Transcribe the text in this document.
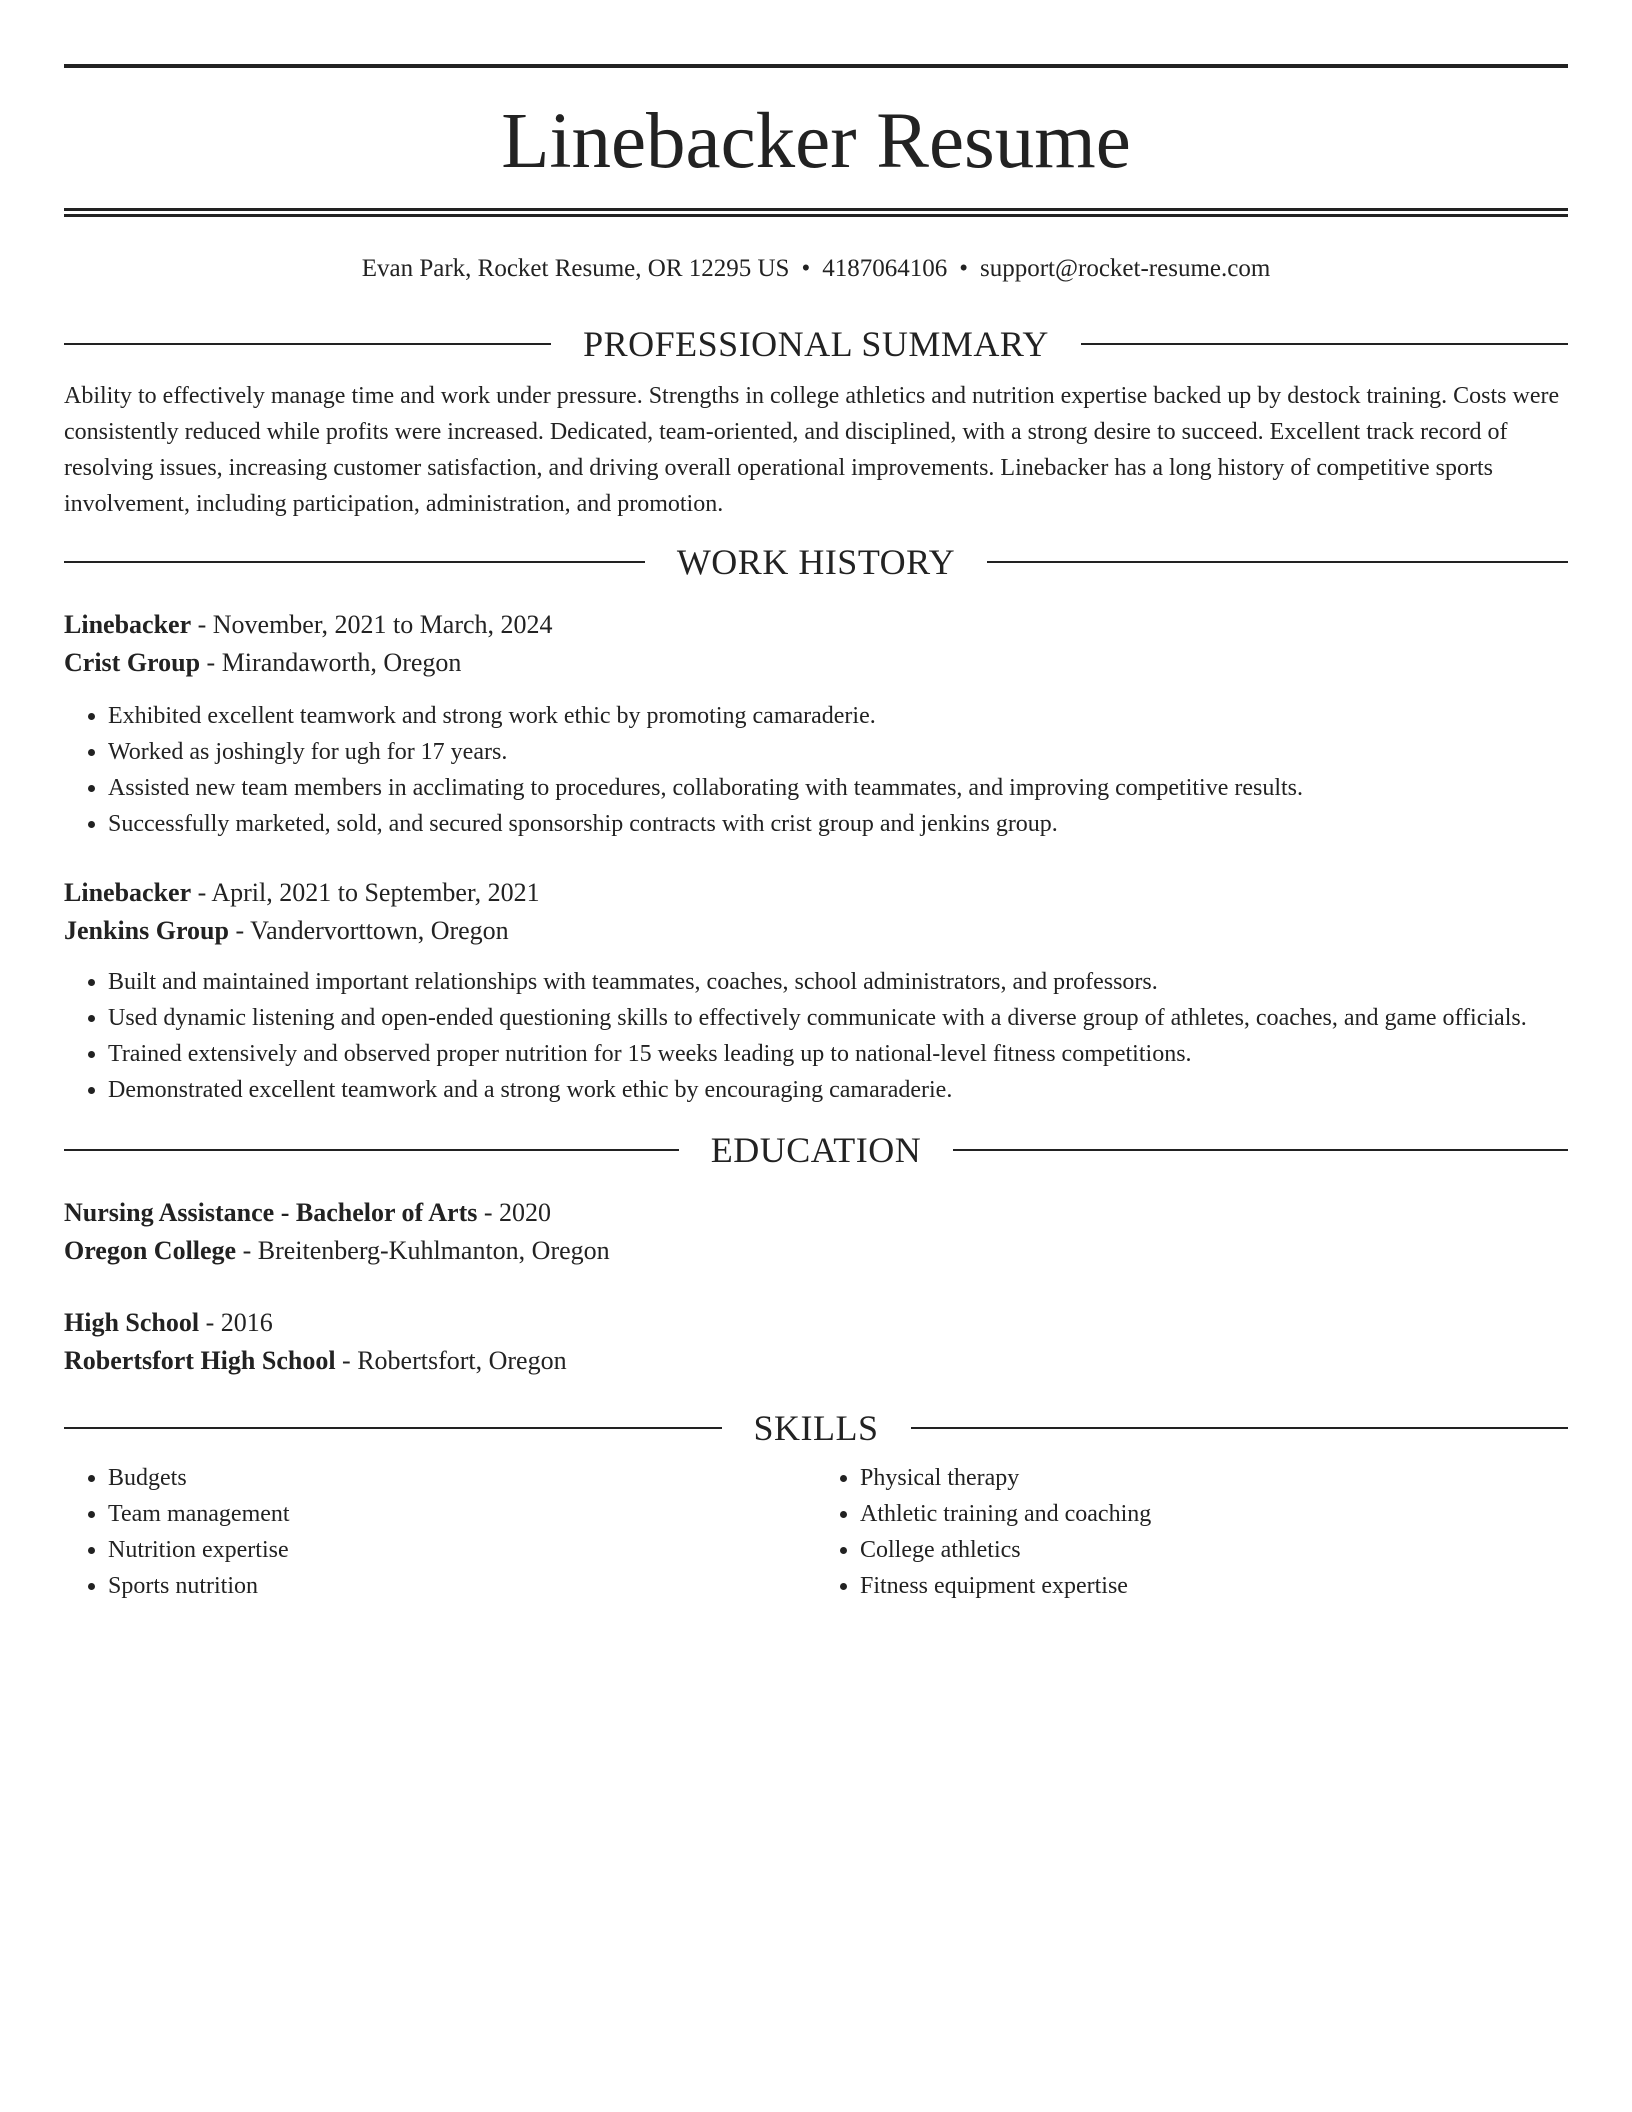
Linebacker Resume
Evan Park, Rocket Resume, OR 12295 US • 4187064106 • support@rocket-resume.com
PROFESSIONAL SUMMARY

Ability to effectively manage time and work under pressure. Strengths in college athletics and nutrition expertise backed up by destock training. Costs were consistently reduced while profits were increased. Dedicated, team-oriented, and disciplined, with a strong desire to succeed. Excellent track record of resolving issues, increasing customer satisfaction, and driving overall operational improvements. Linebacker has a long history of competitive sports involvement, including participation, administration, and promotion.

WORK HISTORY
Linebacker - November, 2021 to March, 2024
Crist Group - Mirandaworth, Oregon
• Exhibited excellent teamwork and strong work ethic by promoting camaraderie.
• Worked as joshingly for ugh for 17 years.
• Assisted new team members in acclimating to procedures, collaborating with teammates, and improving competitive results.
• Successfully marketed, sold, and secured sponsorship contracts with crist group and jenkins group.
Linebacker - April, 2021 to September, 2021
Jenkins Group - Vandervorttown, Oregon
• Built and maintained important relationships with teammates, coaches, school administrators, and professors.
• Used dynamic listening and open-ended questioning skills to effectively communicate with a diverse group of athletes, coaches, and game officials.
• Trained extensively and observed proper nutrition for 15 weeks leading up to national-level fitness competitions.
• Demonstrated excellent teamwork and a strong work ethic by encouraging camaraderie.
EDUCATION
Nursing Assistance - Bachelor of Arts - 2020
Oregon College - Breitenberg-Kuhlmanton, Oregon
High School - 2016
Robertsfort High School - Robertsfort, Oregon
SKILLS
• Budgets
• Team management
• Nutrition expertise
• Sports nutrition
• Physical therapy
• Athletic training and coaching
• College athletics
• Fitness equipment expertise
